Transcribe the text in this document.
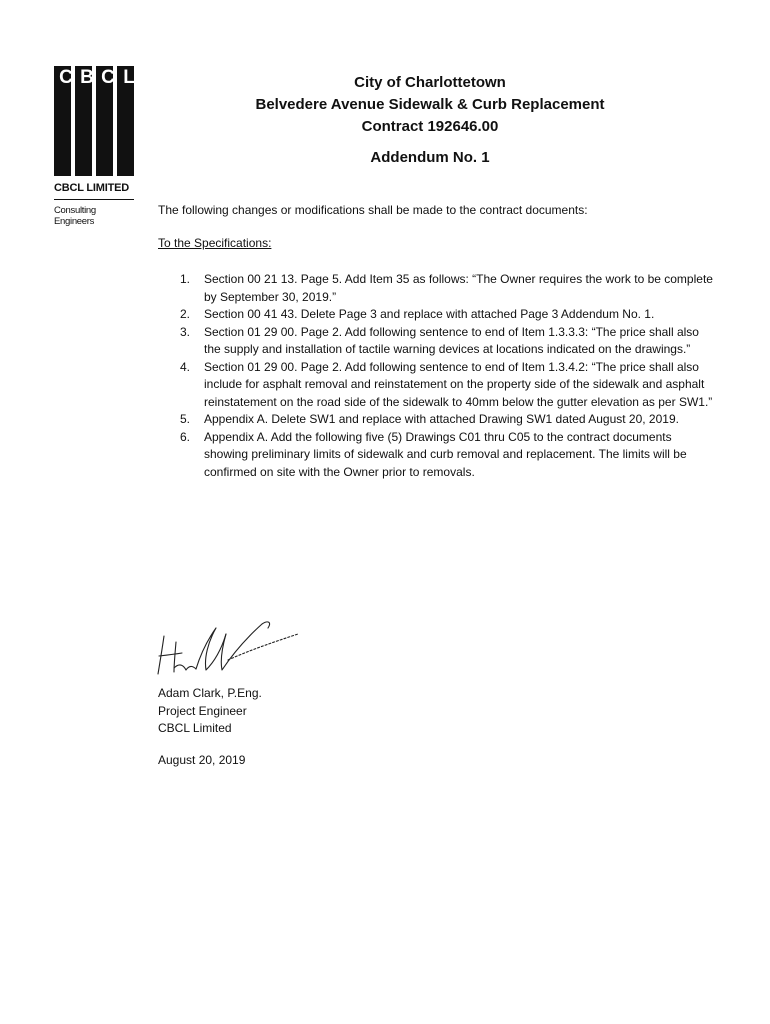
C B C L
CBCL LIMITED
Consulting Engineers
City of Charlottetown
Belvedere Avenue Sidewalk & Curb Replacement
Contract 192646.00
Addendum No. 1

The following changes or modifications shall be made to the contract documents:

To the Specifications:

1. Section 00 21 13. Page 5. Add Item 35 as follows: “The Owner requires the work to be complete by September 30, 2019.”
2. Section 00 41 43. Delete Page 3 and replace with attached Page 3 Addendum No. 1.
3. Section 01 29 00. Page 2. Add following sentence to end of Item 1.3.3.3: “The price shall also the supply and installation of tactile warning devices at locations indicated on the drawings.”
4. Section 01 29 00. Page 2. Add following sentence to end of Item 1.3.4.2: “The price shall also include for asphalt removal and reinstatement on the property side of the sidewalk and asphalt reinstatement on the road side of the sidewalk to 40mm below the gutter elevation as per SW1.”
5. Appendix A. Delete SW1 and replace with attached Drawing SW1 dated August 20, 2019.
6. Appendix A. Add the following five (5) Drawings C01 thru C05 to the contract documents showing preliminary limits of sidewalk and curb removal and replacement. The limits will be confirmed on site with the Owner prior to removals.
Adam Clark, P.Eng.
Project Engineer
CBCL Limited
August 20, 2019
